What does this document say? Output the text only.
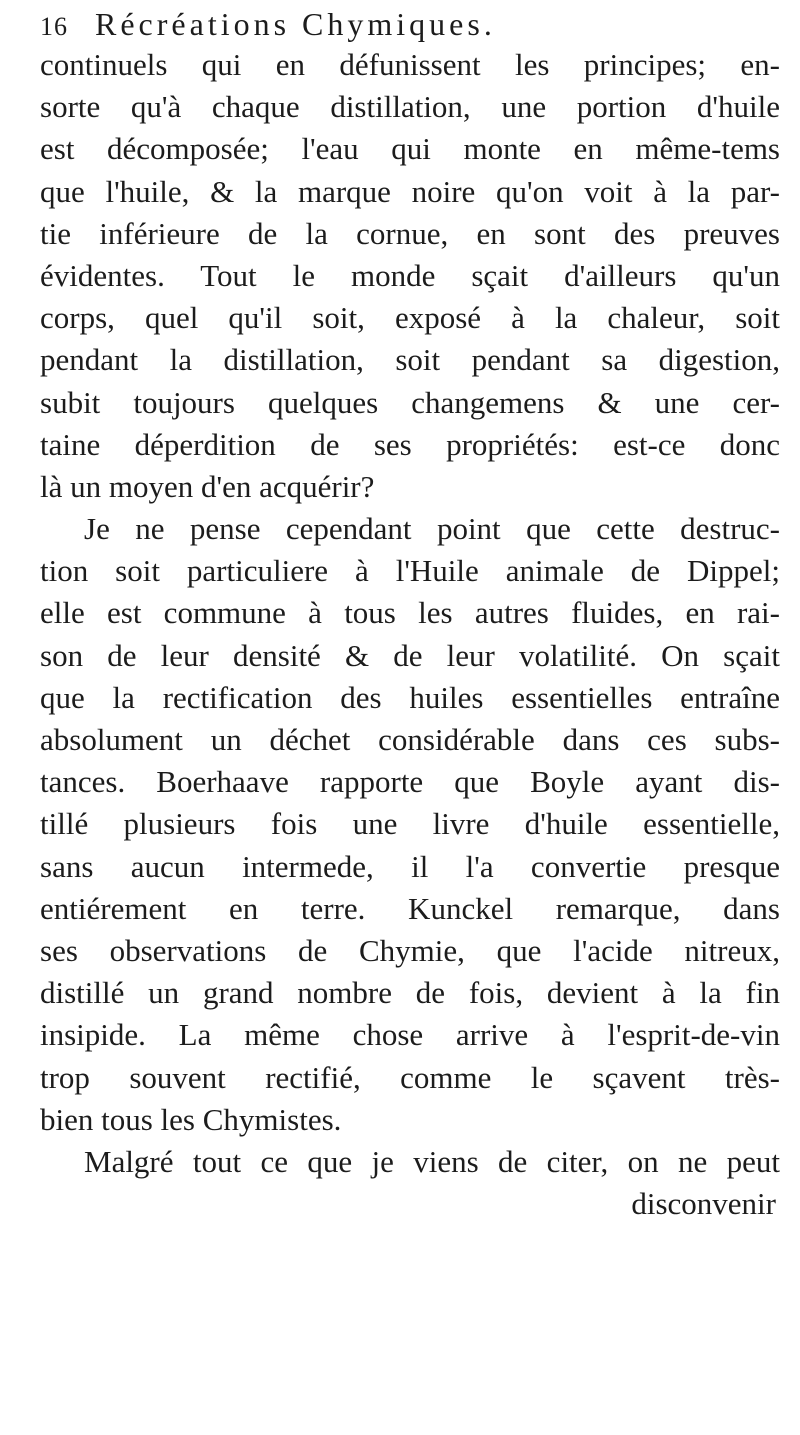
16 Récréations Chymiques.
continuels qui en défunissent les principes; en-
sorte qu'à chaque distillation, une portion d'huile
est décomposée; l'eau qui monte en même-tems
que l'huile, & la marque noire qu'on voit à la par-
tie inférieure de la cornue, en sont des preuves
évidentes. Tout le monde sçait d'ailleurs qu'un
corps, quel qu'il soit, exposé à la chaleur, soit
pendant la distillation, soit pendant sa digestion,
subit toujours quelques changemens & une cer-
taine déperdition de ses propriétés: est-ce donc
là un moyen d'en acquérir?
Je ne pense cependant point que cette destruc-
tion soit particuliere à l'Huile animale de Dippel;
elle est commune à tous les autres fluides, en rai-
son de leur densité & de leur volatilité. On sçait
que la rectification des huiles essentielles entraîne
absolument un déchet considérable dans ces subs-
tances. Boerhaave rapporte que Boyle ayant dis-
tillé plusieurs fois une livre d'huile essentielle,
sans aucun intermede, il l'a convertie presque
entiérement en terre. Kunckel remarque, dans
ses observations de Chymie, que l'acide nitreux,
distillé un grand nombre de fois, devient à la fin
insipide. La même chose arrive à l'esprit-de-vin
trop souvent rectifié, comme le sçavent très-
bien tous les Chymistes.
Malgré tout ce que je viens de citer, on ne peut
disconvenir
